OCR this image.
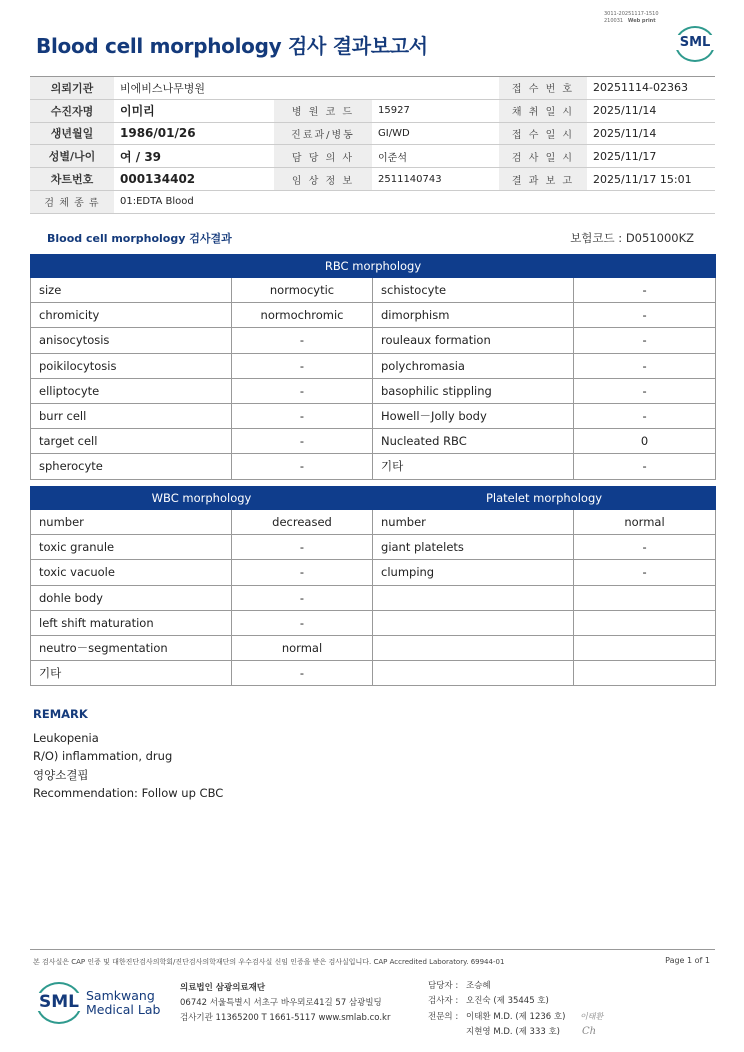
3011-20251117-1510
210031 Web print
Blood cell morphology 검사 결과보고서	SML
의뢰기관	비에비스나무병원			접 수 번 호	20251114-02363
수진자명	이미리	병 원 코 드	15927	채 취 일 시	2025/11/14
생년월일	1986/01/26	진료과/병동	GI/WD	접 수 일 시	2025/11/14
성별/나이	여 / 39	담 당 의 사	이준석	검 사 일 시	2025/11/17
차트번호	000134402	임 상 정 보	2511140743	결 과 보 고	2025/11/17 15:01
검 체 종 류	01:EDTA Blood				
Blood cell morphology 검사결과	보험코드 : D051000KZ
RBC morphology			
size	normocytic	schistocyte	-
chromicity	normochromic	dimorphism	-
anisocytosis	-	rouleaux formation	-
poikilocytosis	-	polychromasia	-
elliptocyte	-	basophilic stippling	-
burr cell	-	Howell－Jolly body	-
target cell	-	Nucleated RBC	0
spherocyte	-	기타	-
WBC morphology		Platelet morphology	
number	decreased	number	normal
toxic granule	-	giant platelets	-
toxic vacuole	-	clumping	-
dohle body	-		
left shift maturation	-		
neutro－segmentation	normal		
기타	-		
REMARK
Leukopenia
R/O) inflammation, drug
영양소결핍
Recommendation: Follow up CBC
본 검사실은 CAP 인증 및 대한진단검사의학회/진단검사의학재단의 우수검사실 신임 인증을 받은 검사실입니다. CAP Accredited Laboratory. 69944-01	Page 1 of 1
SML Samkwang
Medical Lab
의료법인 삼광의료재단
06742 서울특별시 서초구 바우뫼로41길 57 삼광빌딩
검사기관 11365200 T 1661-5117 www.smlab.co.kr
담당자 : 조승혜
검사자 : 오진숙 (제 35445 호)
전문의 : 이태환 M.D. (제 1236 호)
지현영 M.D. (제 333 호)
이태환
Ch
